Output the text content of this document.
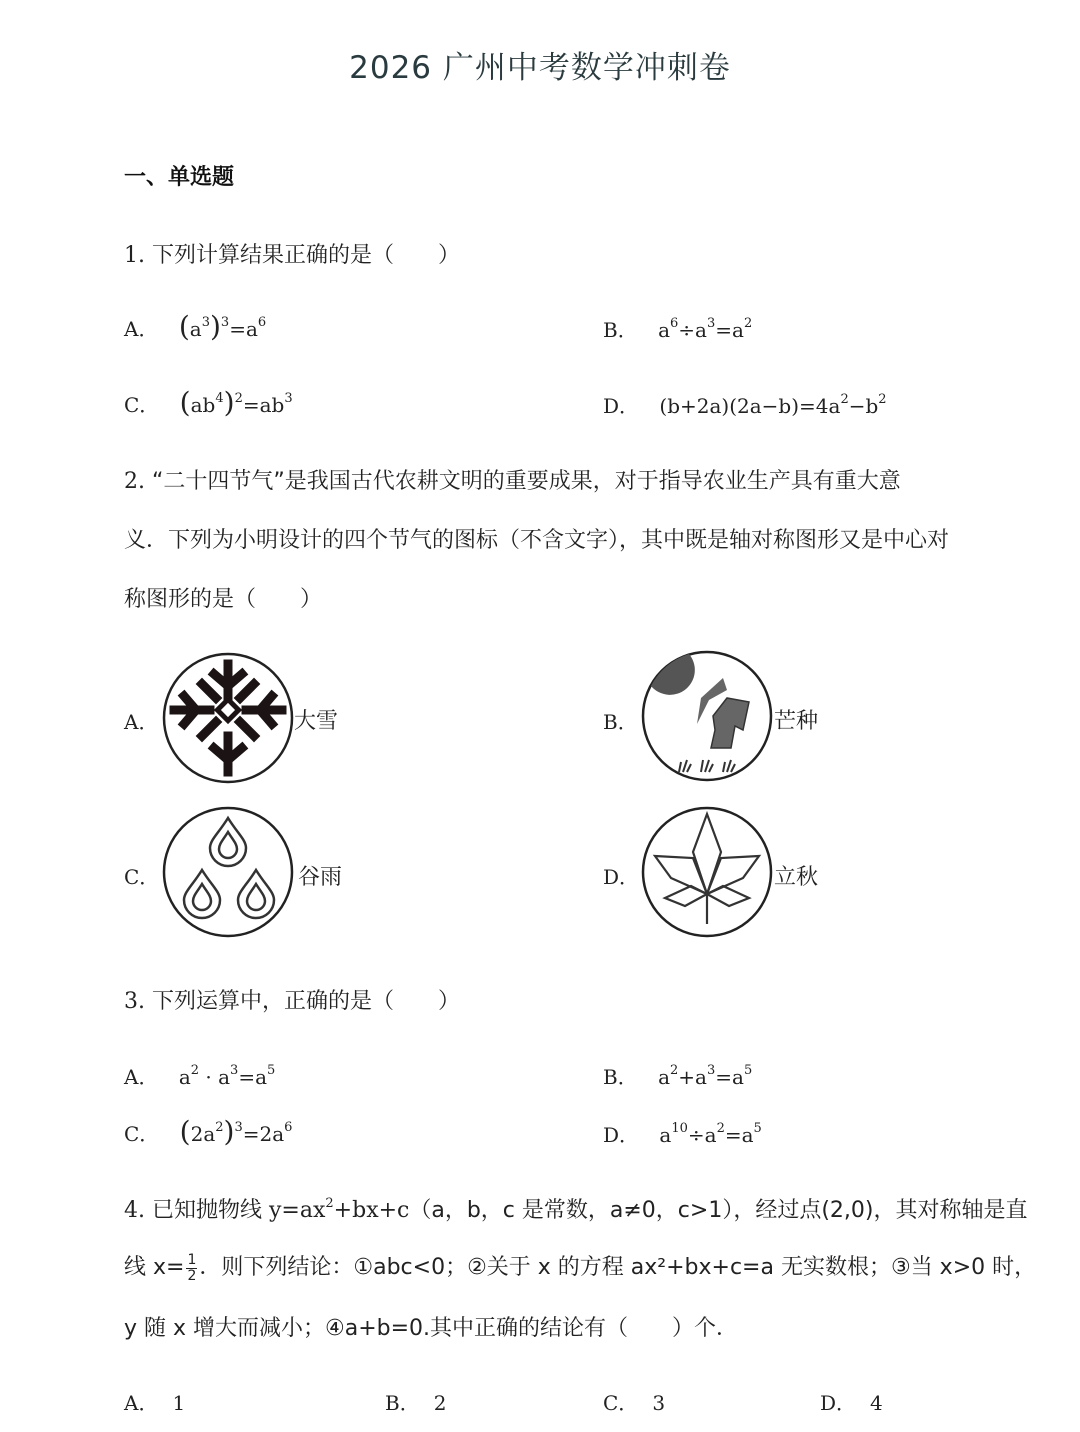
2026 广州中考数学冲刺卷
一、单选题
1. 下列计算结果正确的是（　　）
A． $(a^3)^3=a^6$	B． $a^6\div a^3=a^2$
C． $(ab^4)^2=ab^3$	D． $(b+2a)(2a-b)=4a^2-b^2$
2. “二十四节气”是我国古代农耕文明的重要成果，对于指导农业生产具有重大意
义．下列为小明设计的四个节气的图标（不含文字），其中既是轴对称图形又是中心对
称图形的是（　　）
A．	大雪	B．	芒种
C．	谷雨	D．	立秋
3. 下列运算中，正确的是（　　）
A． $a^2 \cdot a^3=a^5$	B． $a^2+a^3=a^5$
C． $(2a^2)^3=2a^6$	D． $a^{10}\div a^2=a^5$
4. 已知抛物线 $y=ax^2+bx+c(a$，b，c 是常数，a≠0，c>1），经过点(2,0)，其对称轴是直
线 $x= \frac{1}{2}$ ．则下列结论：①abc<0；②关于 x 的方程 ax²+bx+c=a 无实数根；③当 x>0 时，
y 随 x 增大而减小；④a+b=0.其中正确的结论有（　　）个．
A． 1	B． 2	C． 3	D． 4
